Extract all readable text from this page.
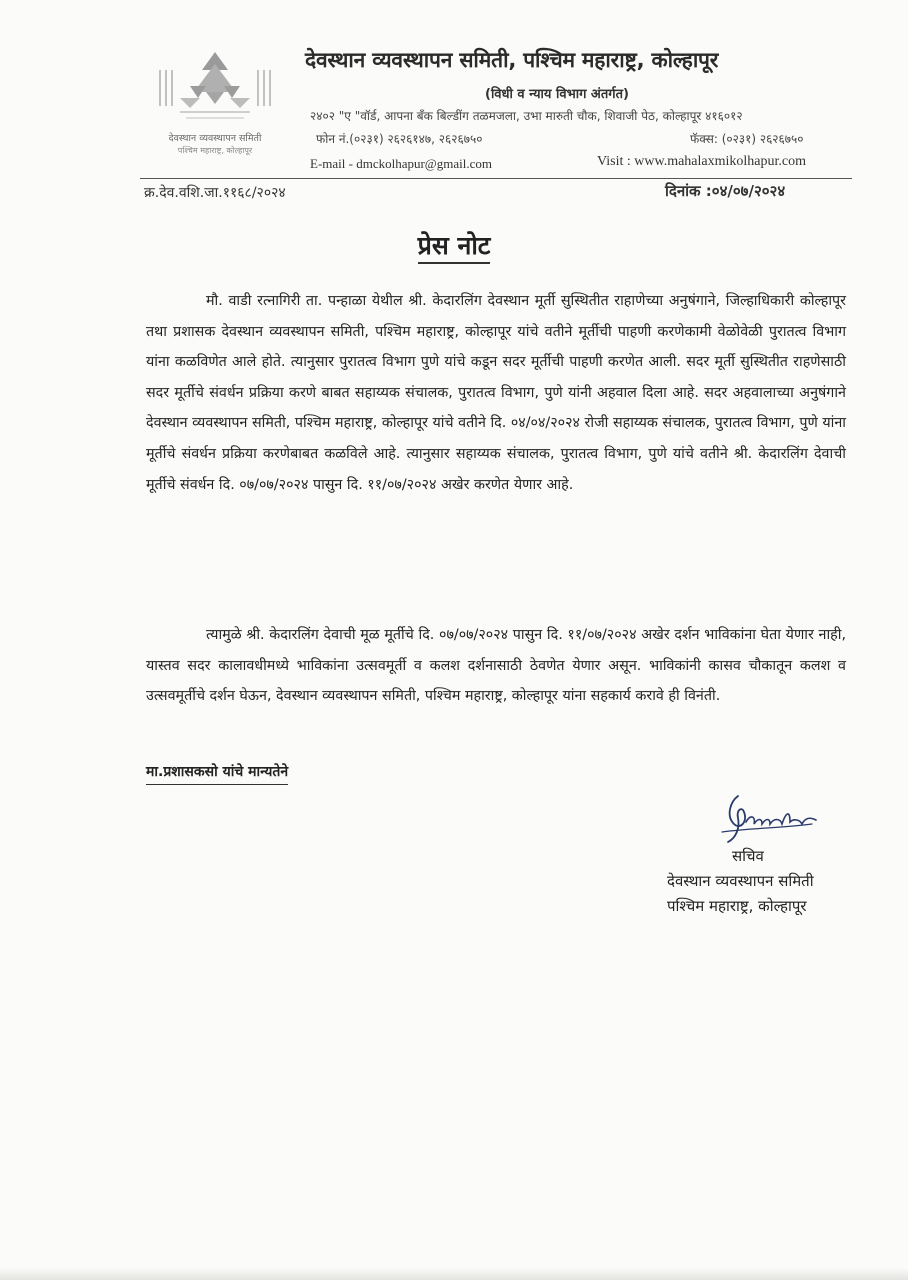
देवस्थान व्यवस्थापन समिती
पश्चिम महाराष्ट्र, कोल्हापूर
देवस्थान व्यवस्थापन समिती, पश्चिम महाराष्ट्र, कोल्हापूर
(विधी व न्याय विभाग अंतर्गत)
२४०२ "ए "वॉर्ड, आपना बँक बिल्डींग तळमजला, उभा मारुती चौक, शिवाजी पेठ, कोल्हापूर ४१६०१२
फोन नं.(०२३१) २६२६१४७, २६२६७५०	फॅक्स: (०२३१) २६२६७५०
E-mail - dmckolhapur@gmail.com	Visit : www.mahalaxmikolhapur.com
क्र.देव.वशि.जा.११६८/२०२४	दिनांक :०४/०७/२०२४
प्रेस नोट
मौ. वाडी रत्नागिरी ता. पन्हाळा येथील श्री. केदारलिंग देवस्थान मूर्ती सुस्थितीत राहाणेच्या अनुषंगाने, जिल्हाधिकारी कोल्हापूर तथा प्रशासक देवस्थान व्यवस्थापन समिती, पश्चिम महाराष्ट्र, कोल्हापूर यांचे वतीने मूर्तीची पाहणी करणेकामी वेळोवेळी पुरातत्व विभाग यांना कळविणेत आले होते. त्यानुसार पुरातत्व विभाग पुणे यांचे कडून सदर मूर्तीची पाहणी करणेत आली. सदर मूर्ती सुस्थितीत राहणेसाठी सदर मूर्तीचे संवर्धन प्रक्रिया करणे बाबत सहाय्यक संचालक, पुरातत्व विभाग, पुणे यांनी अहवाल दिला आहे. सदर अहवालाच्या अनुषंगाने देवस्थान व्यवस्थापन समिती, पश्चिम महाराष्ट्र, कोल्हापूर यांचे वतीने दि. ०४/०४/२०२४ रोजी सहाय्यक संचालक, पुरातत्व विभाग, पुणे यांना मूर्तीचे संवर्धन प्रक्रिया करणेबाबत कळविले आहे. त्यानुसार सहाय्यक संचालक, पुरातत्व विभाग, पुणे यांचे वतीने श्री. केदारलिंग देवाची मूर्तीचे संवर्धन दि. ०७/०७/२०२४ पासुन दि. ११/०७/२०२४ अखेर करणेत येणार आहे.
त्यामुळे श्री. केदारलिंग देवाची मूळ मूर्तीचे दि. ०७/०७/२०२४ पासुन दि. ११/०७/२०२४ अखेर दर्शन भाविकांना घेता येणार नाही, यास्तव सदर कालावधीमध्ये भाविकांना उत्सवमूर्ती व कलश दर्शनासाठी ठेवणेत येणार असून. भाविकांनी कासव चौकातून कलश व उत्सवमूर्तीचे दर्शन घेऊन, देवस्थान व्यवस्थापन समिती, पश्चिम महाराष्ट्र, कोल्हापूर यांना सहकार्य करावे ही विनंती.
मा.प्रशासकसो यांचे मान्यतेने
सचिव
देवस्थान व्यवस्थापन समिती
पश्चिम महाराष्ट्र, कोल्हापूर
